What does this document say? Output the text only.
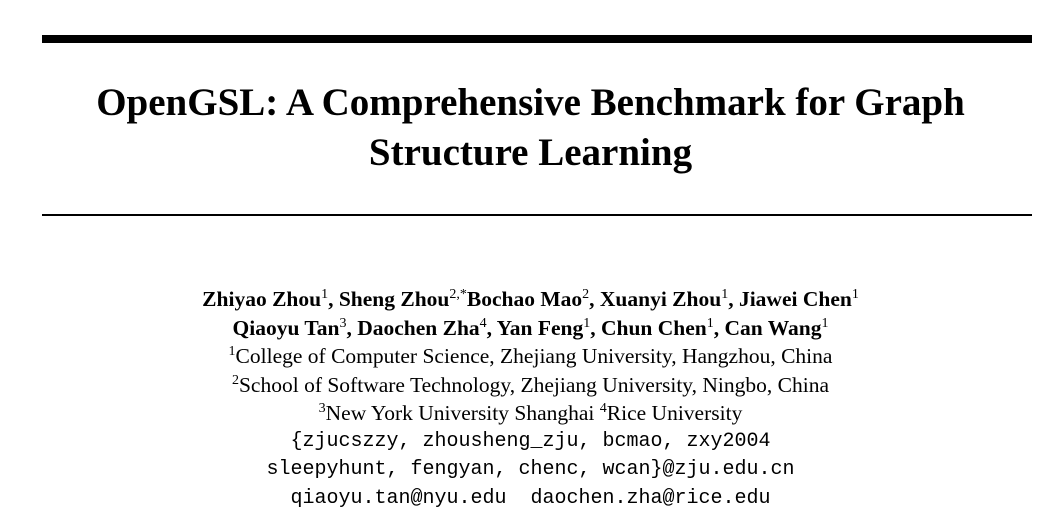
OpenGSL: A Comprehensive Benchmark for Graph
Structure Learning
Zhiyao Zhou$^1$, Sheng Zhou$^{2,*}$Bochao Mao$^2$, Xuanyi Zhou$^1$, Jiawei Chen$^1$
Qiaoyu Tan$^3$, Daochen Zha$^4$, Yan Feng$^1$, Chun Chen$^1$, Can Wang$^1$
$^1$College of Computer Science, Zhejiang University, Hangzhou, China
$^2$School of Software Technology, Zhejiang University, Ningbo, China
$^3$New York University Shanghai $^4$Rice University
{zjucszzy, zhousheng_zju, bcmao, zxy2004
sleepyhunt, fengyan, chenc, wcan}@zju.edu.cn
qiaoyu.tan@nyu.edu  daochen.zha@rice.edu
